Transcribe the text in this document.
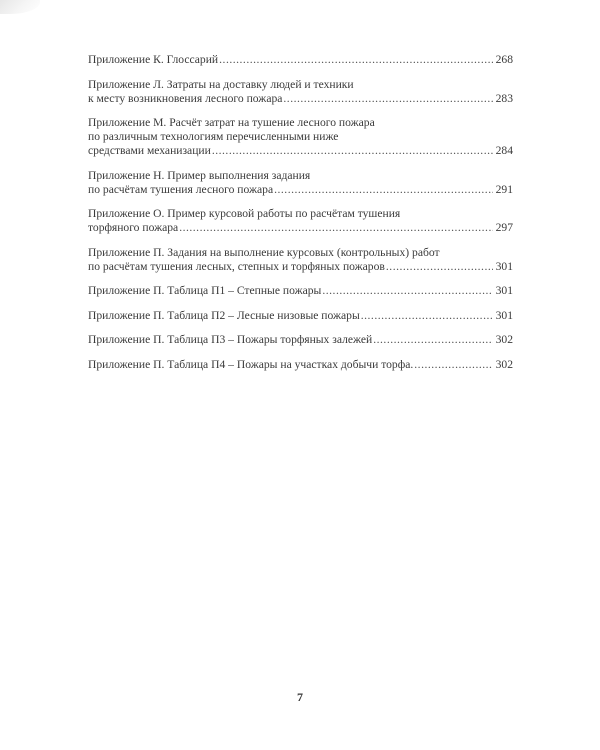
Приложение К. Глоссарий .....	268
Приложение Л. Затраты на доставку людей и техники
к месту возникновения лесного пожара .....	283
Приложение М. Расчёт затрат на тушение лесного пожара
по различным технологиям перечисленными ниже
средствами механизации .....	284
Приложение Н. Пример выполнения задания
по расчётам тушения лесного пожара .....	291
Приложение О. Пример курсовой работы по расчётам тушения
торфяного пожара .....	297
Приложение П. Задания на выполнение курсовых (контрольных) работ
по расчётам тушения лесных, степных и торфяных пожаров .....	301
Приложение П. Таблица П1 – Степные пожары .....	301
Приложение П. Таблица П2 – Лесные низовые пожары .....	301
Приложение П. Таблица П3 – Пожары торфяных залежей .....	302
Приложение П. Таблица П4 – Пожары на участках добычи торфа. .....	302
7
